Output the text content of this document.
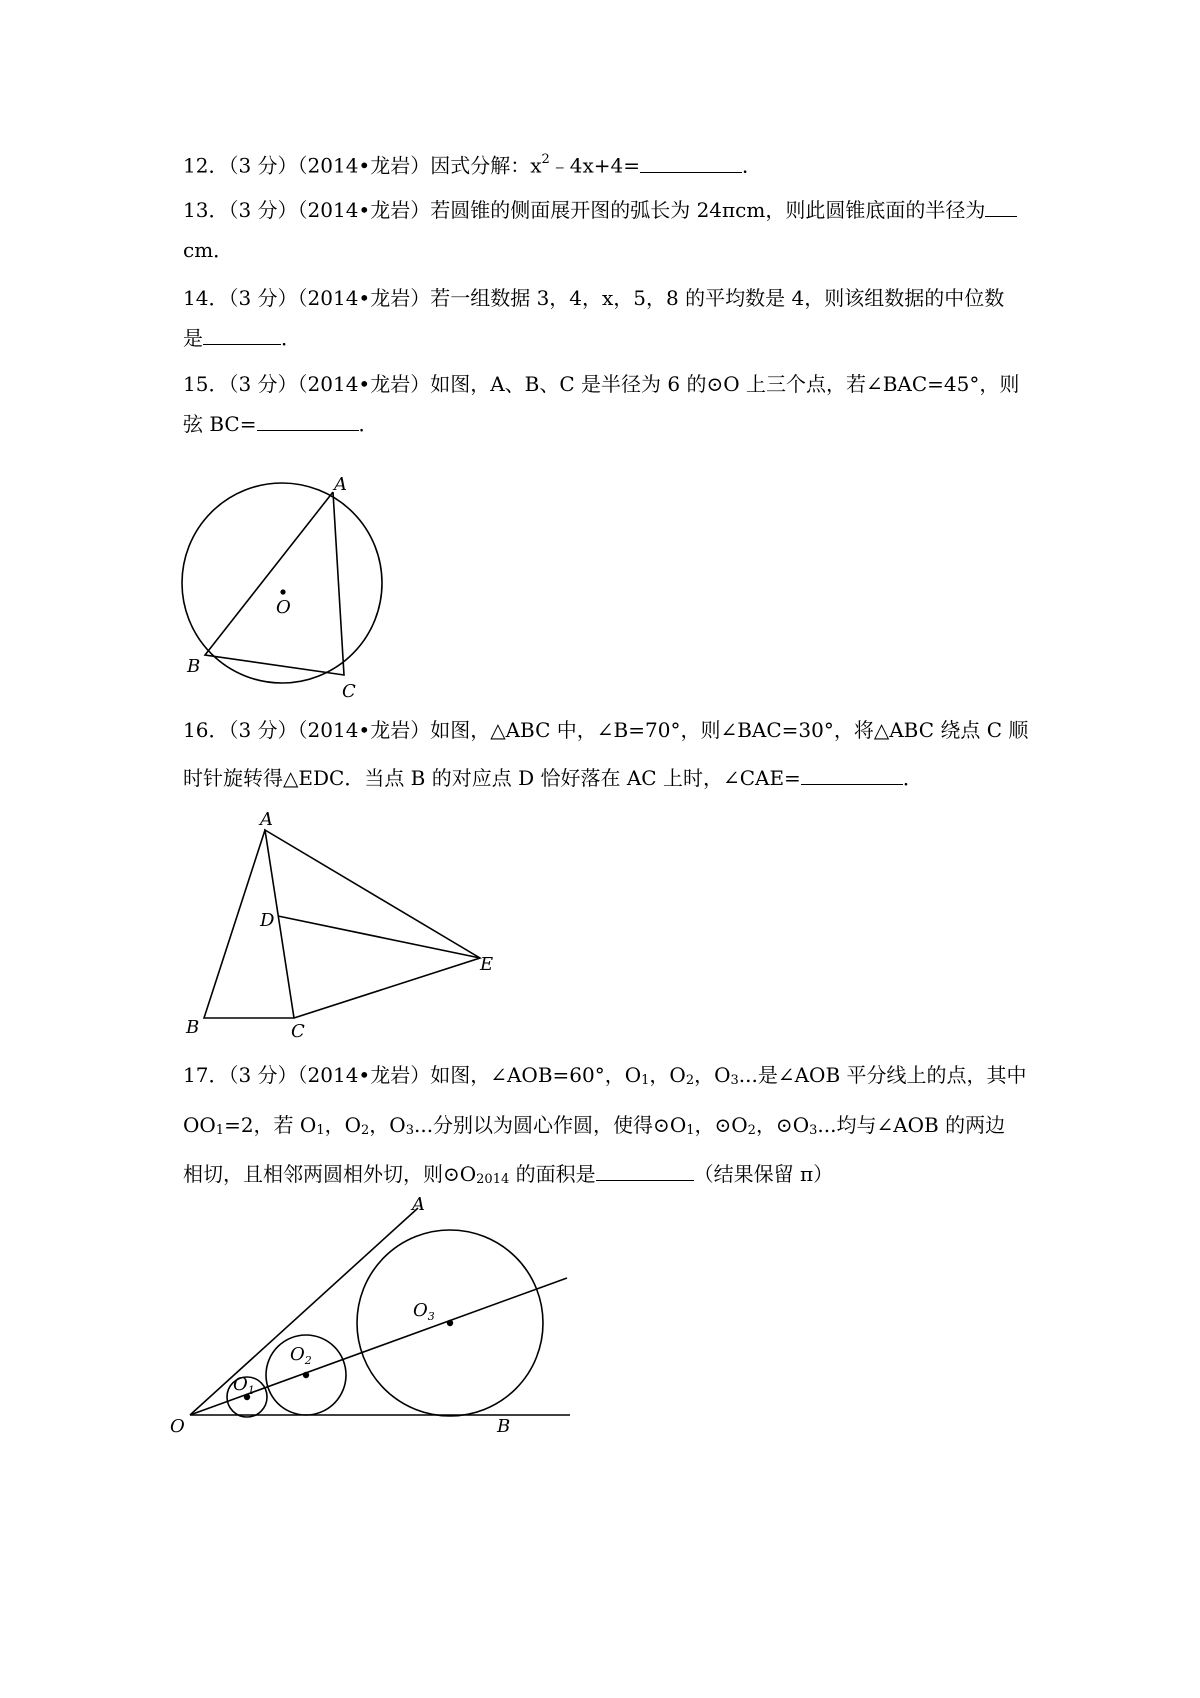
12．（3 分）（2014•龙岩）因式分解：$x^2﹣4x+4=$	．
13．（3 分）（2014•龙岩）若圆锥的侧面展开图的弧长为 24πcm，则此圆锥底面的半径为
cm．
14．（3 分）（2014•龙岩）若一组数据 3，4，x，5，8 的平均数是 4，则该组数据的中位数
是	．
15．（3 分）（2014•龙岩）如图，A、B、C 是半径为 6 的⊙O 上三个点，若∠BAC=45°，则
弦 BC=	．
A
B
C
O
16．（3 分）（2014•龙岩）如图，△ABC 中，∠B=70°，则∠BAC=30°，将△ABC 绕点 C 顺
时针旋转得△EDC．当点 B 的对应点 D 恰好落在 AC 上时，∠CAE=	．
A
B	C
D
E
17．（3 分）（2014•龙岩）如图，∠AOB=60°，$O_1$，$O_2$，$O_3$...是∠AOB 平分线上的点，其中
$OO_1=2$，若 $O_1$，$O_2$，$O_3$...分别以为圆心作圆，使得$⊙O_1$，$⊙O_2$，$⊙O_3$...均与∠AOB 的两边
相切，且相邻两圆相外切，则$⊙O_{2014}$ 的面积是	（结果保留 π）
A
O	B
$O_1$
$O_2$
$O_3$
